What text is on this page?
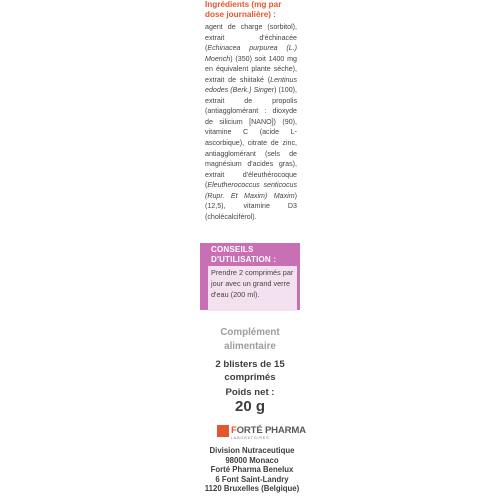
Ingrédients (mg par dose journalière) :
agent de charge (sorbitol), extrait d'échinacée (Echinacea purpurea (L.) Moench) (350) soit 1400 mg en équivalent plante sèche), extrait de shiitaké (Lentinus edodes (Berk.) Singer) (100), extrait de propolis (antiagglomérant : dioxyde de silicium [NANO]) (90), vitamine C (acide L-ascorbique), citrate de zinc, antiagglomérant (sels de magnésium d'acides gras), extrait d'éleuthérocoque (Eleutherococcus senticocus (Rupr. Et Maxim) Maxim) (12,5), vitamine D3 (cholécalciférol).
CONSEILS D'UTILISATION :
Prendre 2 comprimés par jour avec un grand verre d'eau (200 ml).
Complément alimentaire
2 blisters de 15 comprimés
Poids net :
20 g
FORTÉ PHARMA
LABORATOIRES
Division Nutraceutique
98000 Monaco
Forté Pharma Benelux
6 Font Saint-Landry
1120 Bruxelles (Belgique)
